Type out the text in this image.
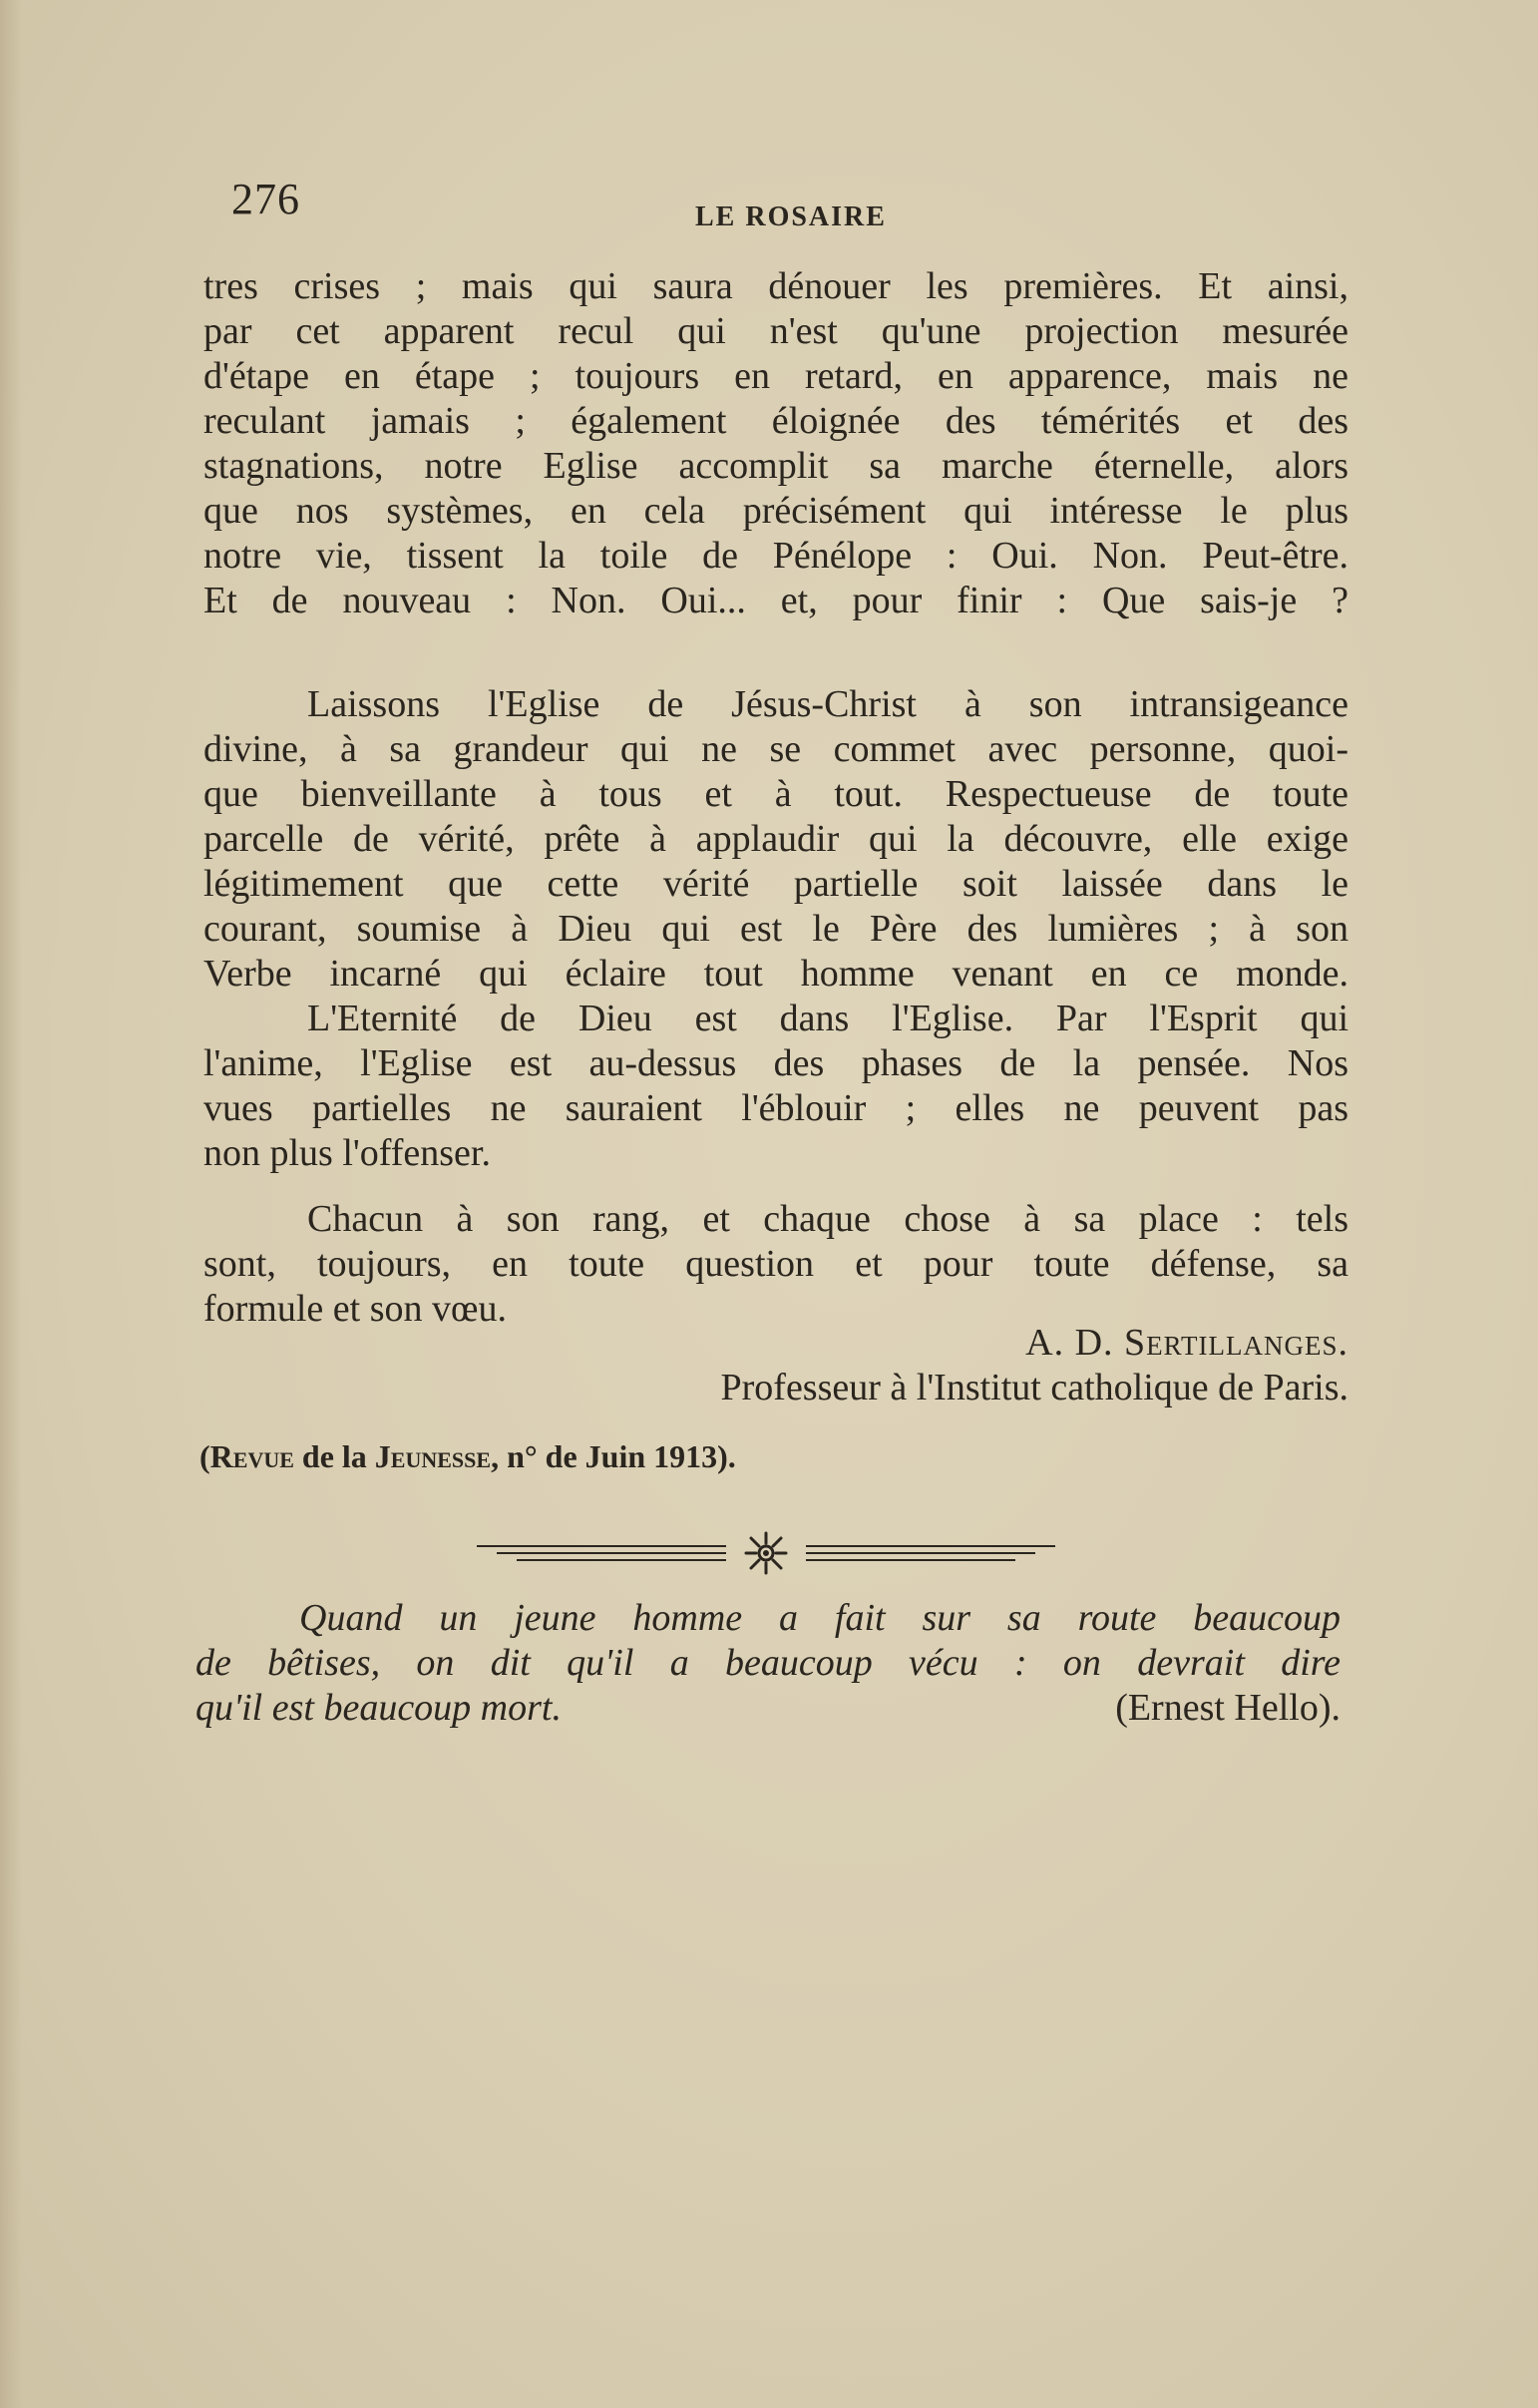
276	LE ROSAIRE
tres crises ; mais qui saura dénouer les premières. Et ainsi,
par cet apparent recul qui n'est qu'une projection mesurée
d'étape en étape ; toujours en retard, en apparence, mais ne
reculant jamais ; également éloignée des témérités et des
stagnations, notre Eglise accomplit sa marche éternelle, alors
que nos systèmes, en cela précisément qui intéresse le plus
notre vie, tissent la toile de Pénélope : Oui. Non. Peut-être.
Et de nouveau : Non. Oui... et, pour finir : Que sais-je ?
Laissons l'Eglise de Jésus-Christ à son intransigeance
divine, à sa grandeur qui ne se commet avec personne, quoi-
que bienveillante à tous et à tout. Respectueuse de toute
parcelle de vérité, prête à applaudir qui la découvre, elle exige
légitimement que cette vérité partielle soit laissée dans le
courant, soumise à Dieu qui est le Père des lumières ; à son
Verbe incarné qui éclaire tout homme venant en ce monde.
L'Eternité de Dieu est dans l'Eglise. Par l'Esprit qui
l'anime, l'Eglise est au-dessus des phases de la pensée. Nos
vues partielles ne sauraient l'éblouir ; elles ne peuvent pas
non plus l'offenser.
Chacun à son rang, et chaque chose à sa place : tels
sont, toujours, en toute question et pour toute défense, sa
formule et son vœu.
A. D. Sertillanges.
Professeur à l'Institut catholique de Paris.
(Revue de la Jeunesse, n° de Juin 1913).
Quand un jeune homme a fait sur sa route beaucoup
de bêtises, on dit qu'il a beaucoup vécu : on devrait dire
qu'il est beaucoup mort.	(Ernest Hello).
